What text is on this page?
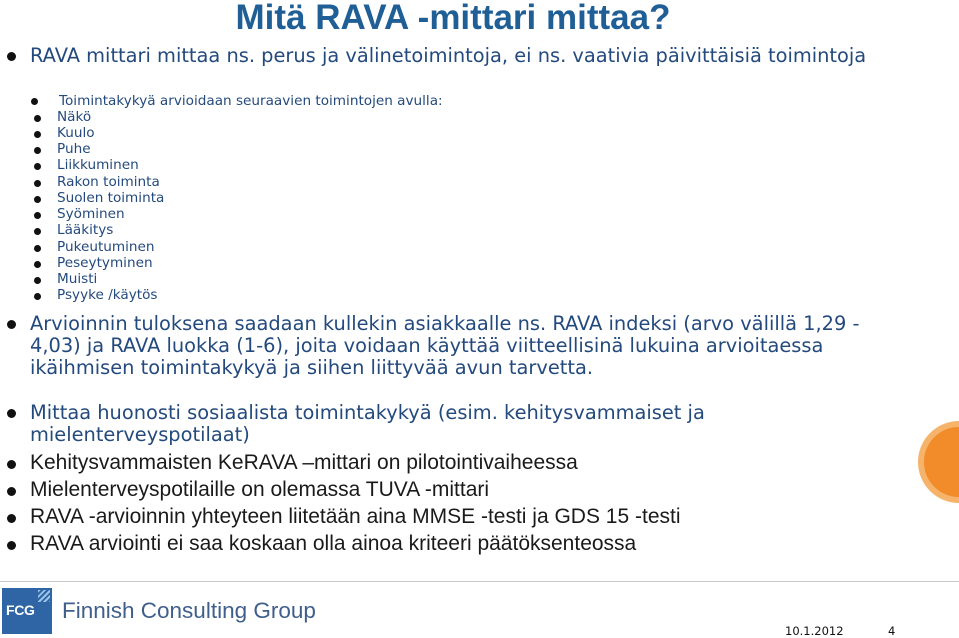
Mitä RAVA -mittari mittaa?
RAVA mittari mittaa ns. perus ja välinetoimintoja, ei ns. vaativia päivittäisiä toimintoja
Toimintakykyä arvioidaan seuraavien toimintojen avulla:
Näkö
Kuulo
Puhe
Liikkuminen
Rakon toiminta
Suolen toiminta
Syöminen
Lääkitys
Pukeutuminen
Peseytyminen
Muisti
Psyyke /käytös
Arvioinnin tuloksena saadaan kullekin asiakkaalle ns. RAVA indeksi (arvo välillä 1,29 - 4,03) ja RAVA luokka (1-6), joita voidaan käyttää viitteellisinä lukuina arvioitaessa ikäihmisen toimintakykyä ja siihen liittyvää avun tarvetta.
Mittaa huonosti sosiaalista toimintakykyä (esim. kehitysvammaiset ja mielenterveyspotilaat)
Kehitysvammaisten KeRAVA –mittari on pilotointivaiheessa
Mielenterveyspotilaille on olemassa TUVA -mittari
RAVA -arvioinnin yhteyteen liitetään aina MMSE -testi ja GDS 15 -testi
RAVA arviointi ei saa koskaan olla ainoa kriteeri päätöksenteossa
FCG Finnish Consulting Group
10.1.2012	4
